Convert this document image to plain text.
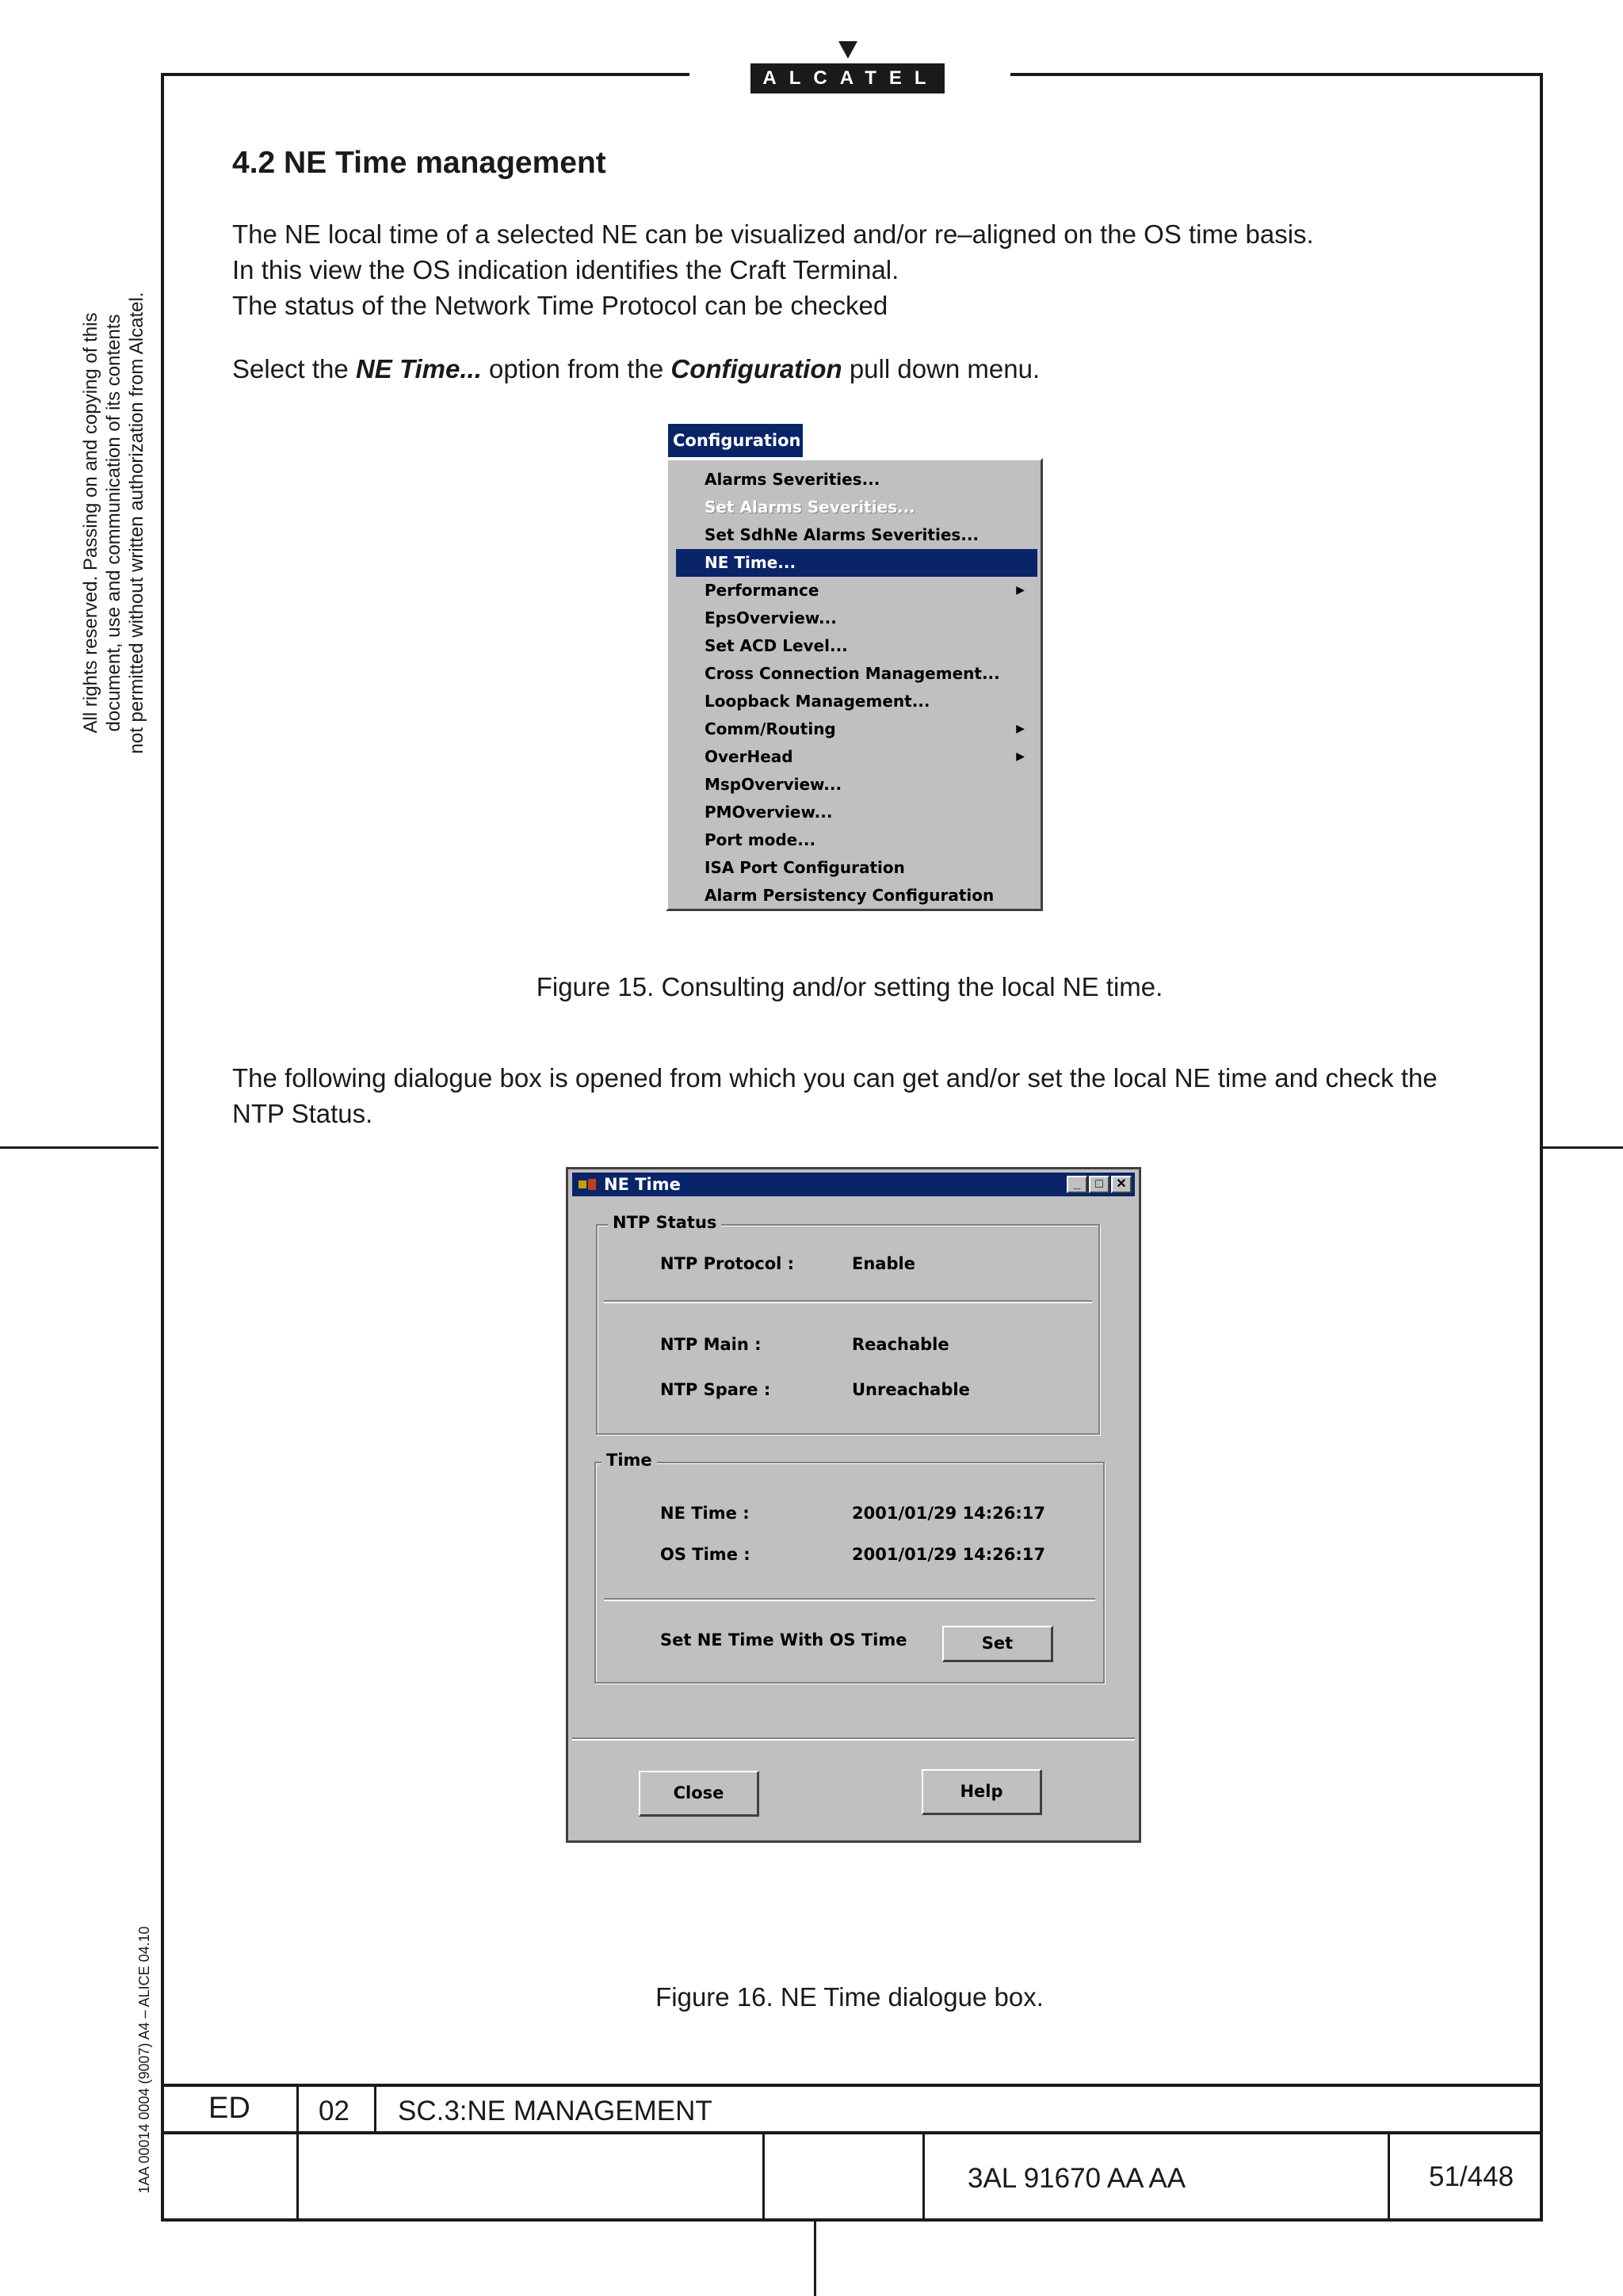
ALCATEL
All rights reserved. Passing on and copying of this document, use and communication of its contents not permitted without written authorization from Alcatel.
1AA 00014 0004 (9007) A4 – ALICE 04.10
4.2 NE Time management
The NE local time of a selected NE can be visualized and/or re–aligned on the OS time basis.
In this view the OS indication identifies the Craft Terminal.
The status of the Network Time Protocol can be checked
Select the NE Time... option from the Configuration pull down menu.
Configuration
Alarms Severities...
Set Alarms Severities...
Set SdhNe Alarms Severities...
NE Time...
Performance	▶
EpsOverview...
Set ACD Level...
Cross Connection Management...
Loopback Management...
Comm/Routing	▶
OverHead	▶
MspOverview...
PMOverview...
Port mode...
ISA Port Configuration
Alarm Persistency Configuration
Figure 15. Consulting and/or setting the local NE time.
The following dialogue box is opened from which you can get and/or set the local NE time and check the
NTP Status.
NE Time	_	□	✕
NTP Status
NTP Protocol :	Enable
NTP Main :	Reachable
NTP Spare :	Unreachable
Time
NE Time :	2001/01/29 14:26:17
OS Time :	2001/01/29 14:26:17
Set NE Time With OS Time	Set
Close	Help
Figure 16. NE Time dialogue box.
ED 02 SC.3:NE MANAGEMENT
3AL 91670 AA AA	51/448
